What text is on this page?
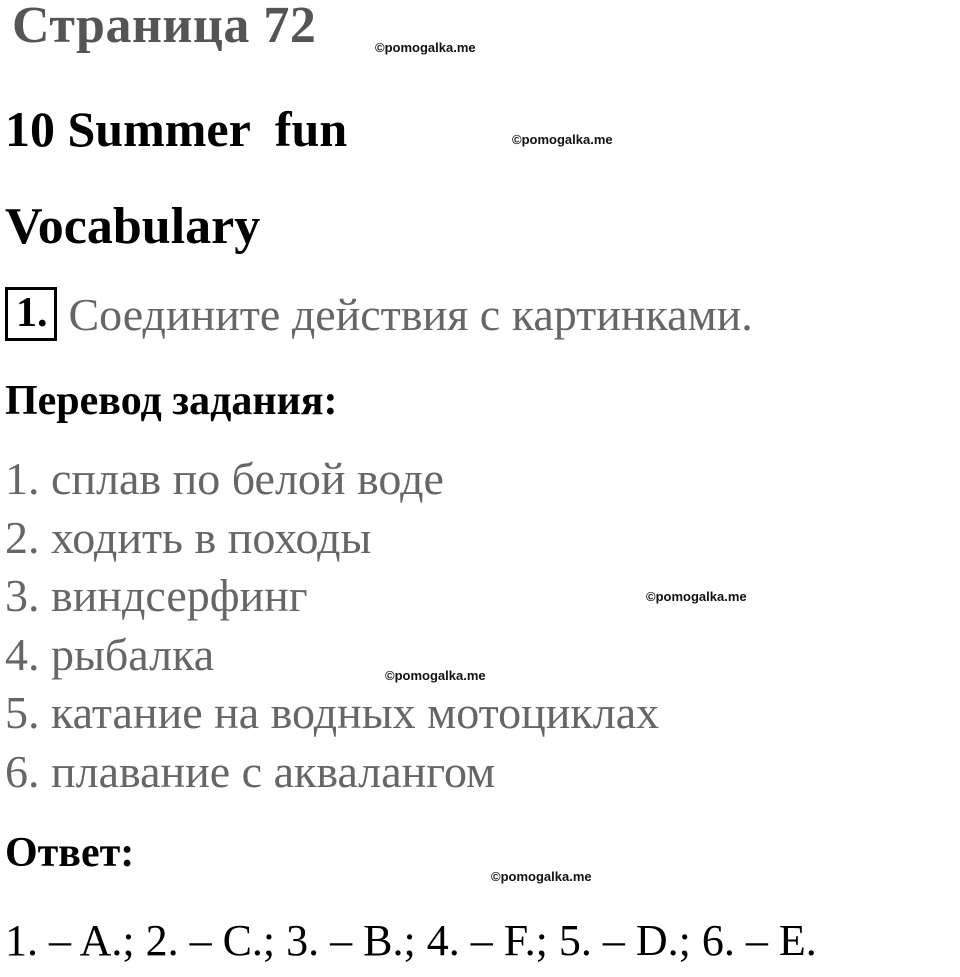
Страница 72	©pomogalka.me
10 Summer  fun	©pomogalka.me
Vocabulary
1. Соедините действия с картинками.
Перевод задания:
1. сплав по белой воде
2. ходить в походы
3. виндсерфинг
4. рыбалка
5. катание на водных мотоциклах
6. плавание с аквалангом
©pomogalka.me
©pomogalka.me
Ответ:
©pomogalka.me
1. – A.; 2. – C.; 3. – B.; 4. – F.; 5. – D.; 6. – E.
